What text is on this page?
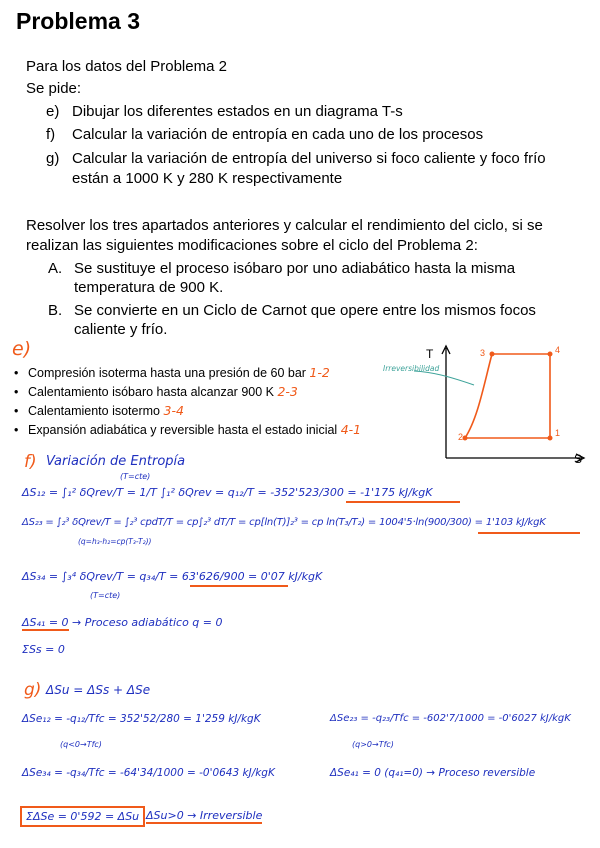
Problema 3
Para los datos del Problema 2
Se pide:
e) Dibujar los diferentes estados en un diagrama T-s
f) Calcular la variación de entropía en cada uno de los procesos
g) Calcular la variación de entropía del universo si foco caliente y foco frío
están a 1000 K y 280 K respectivamente
Resolver los tres apartados anteriores y calcular el rendimiento del ciclo, si se
realizan las siguientes modificaciones sobre el ciclo del Problema 2:
A. Se sustituye el proceso isóbaro por uno adiabático hasta la misma
temperatura de 900 K.
B. Se convierte en un Ciclo de Carnot que opere entre los mismos focos
caliente y frío.
e)
• Compresión isoterma hasta una presión de 60 bar 1-2
• Calentamiento isóbaro hasta alcanzar 900 K 2-3
• Calentamiento isotermo 3-4
• Expansión adiabática y reversible hasta el estado inicial 4-1
T
S
Irreversibilidad
1
2
3	4
f) Variación de Entropía
ΔS₁₂ = ∫₁² δQrev/T = 1/T ∫₁² δQrev = q₁₂/T = -352'523/300 = -1'175 kJ/kgK
(T=cte)
ΔS₂₃ = ∫₂³ δQrev/T = ∫₂³ cpdT/T = cp∫₂³ dT/T = cp[ln(T)]₂³ = cp ln(T₃/T₂) = 1004'5·ln(900/300) = 1'103 kJ/kgK
(q=h₃-h₂=cp(T₃-T₂))
ΔS₃₄ = ∫₃⁴ δQrev/T = q₃₄/T = 63'626/900 = 0'07 kJ/kgK
(T=cte)
ΔS₄₁ = 0 → Proceso adiabático q = 0
ΣSs = 0
g) ΔSu = ΔSs + ΔSe
ΔSe₁₂ = -q₁₂/Tfc = 352'52/280 = 1'259 kJ/kgK
(q<0→Tfc)
ΔSe₂₃ = -q₂₃/Tfc = -602'7/1000 = -0'6027 kJ/kgK
(q>0→Tfc)
ΔSe₃₄ = -q₃₄/Tfc = -64'34/1000 = -0'0643 kJ/kgK	ΔSe₄₁ = 0 (q₄₁=0) → Proceso reversible
ΣΔSe = 0'592 = ΔSu ΔSu>0 → Irreversible
